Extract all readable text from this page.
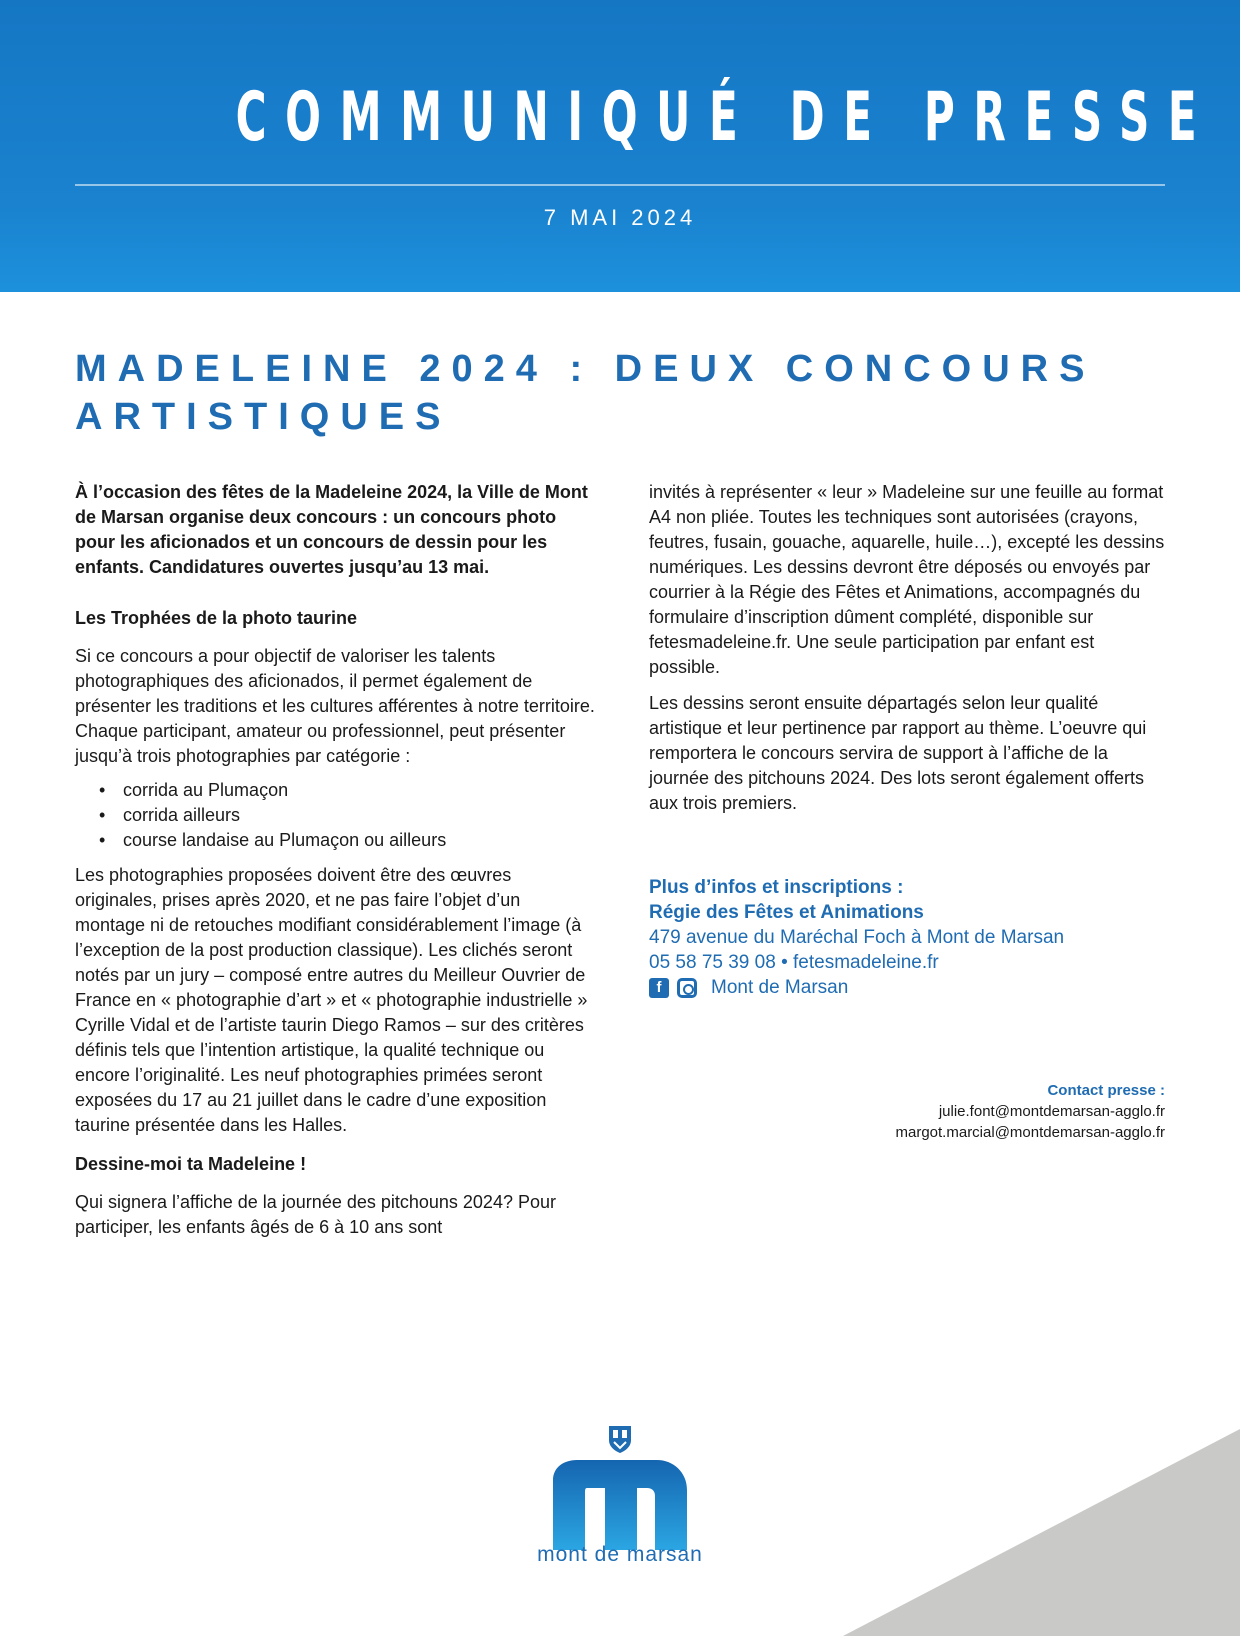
COMMUNIQUÉ DE PRESSE
7 MAI 2024
MADELEINE 2024 : DEUX CONCOURS ARTISTIQUES

À l’occasion des fêtes de la Madeleine 2024, la Ville de Mont de Marsan organise deux concours : un concours photo pour les aficionados et un concours de dessin pour les enfants. Candidatures ouvertes jusqu’au 13 mai.

Les Trophées de la photo taurine

Si ce concours a pour objectif de valoriser les talents photographiques des aficionados, il permet également de présenter les traditions et les cultures afférentes à notre territoire. Chaque participant, amateur ou professionnel, peut présenter jusqu’à trois photographies par catégorie :

• corrida au Plumaçon
• corrida ailleurs
• course landaise au Plumaçon ou ailleurs

Les photographies proposées doivent être des œuvres originales, prises après 2020, et ne pas faire l’objet d’un montage ni de retouches modifiant considérablement l’image (à l’exception de la post production classique). Les clichés seront notés par un jury – composé entre autres du Meilleur Ouvrier de France en « photographie d’art » et « photographie industrielle » Cyrille Vidal et de l’artiste taurin Diego Ramos – sur des critères définis tels que l’intention artistique, la qualité technique ou encore l’originalité. Les neuf photographies primées seront exposées du 17 au 21 juillet dans le cadre d’une exposition taurine présentée dans les Halles.

Dessine-moi ta Madeleine !

Qui signera l’affiche de la journée des pitchouns 2024? Pour participer, les enfants âgés de 6 à 10 ans sont

invités à représenter « leur » Madeleine sur une feuille au format A4 non pliée. Toutes les techniques sont autorisées (crayons, feutres, fusain, gouache, aquarelle, huile…), excepté les dessins numériques. Les dessins devront être déposés ou envoyés par courrier à la Régie des Fêtes et Animations, accompagnés du formulaire d’inscription dûment complété, disponible sur fetesmadeleine.fr. Une seule participation par enfant est possible.

Les dessins seront ensuite départagés selon leur qualité artistique et leur pertinence par rapport au thème. L’oeuvre qui remportera le concours servira de support à l’affiche de la journée des pitchouns 2024. Des lots seront également offerts aux trois premiers.

Plus d’infos et inscriptions :
Régie des Fêtes et Animations
479 avenue du Maréchal Foch à Mont de Marsan
05 58 75 39 08 • fetesmadeleine.fr
f	Mont de Marsan
Contact presse :
julie.font@montdemarsan-agglo.fr
margot.marcial@montdemarsan-agglo.fr
mont de marsan
